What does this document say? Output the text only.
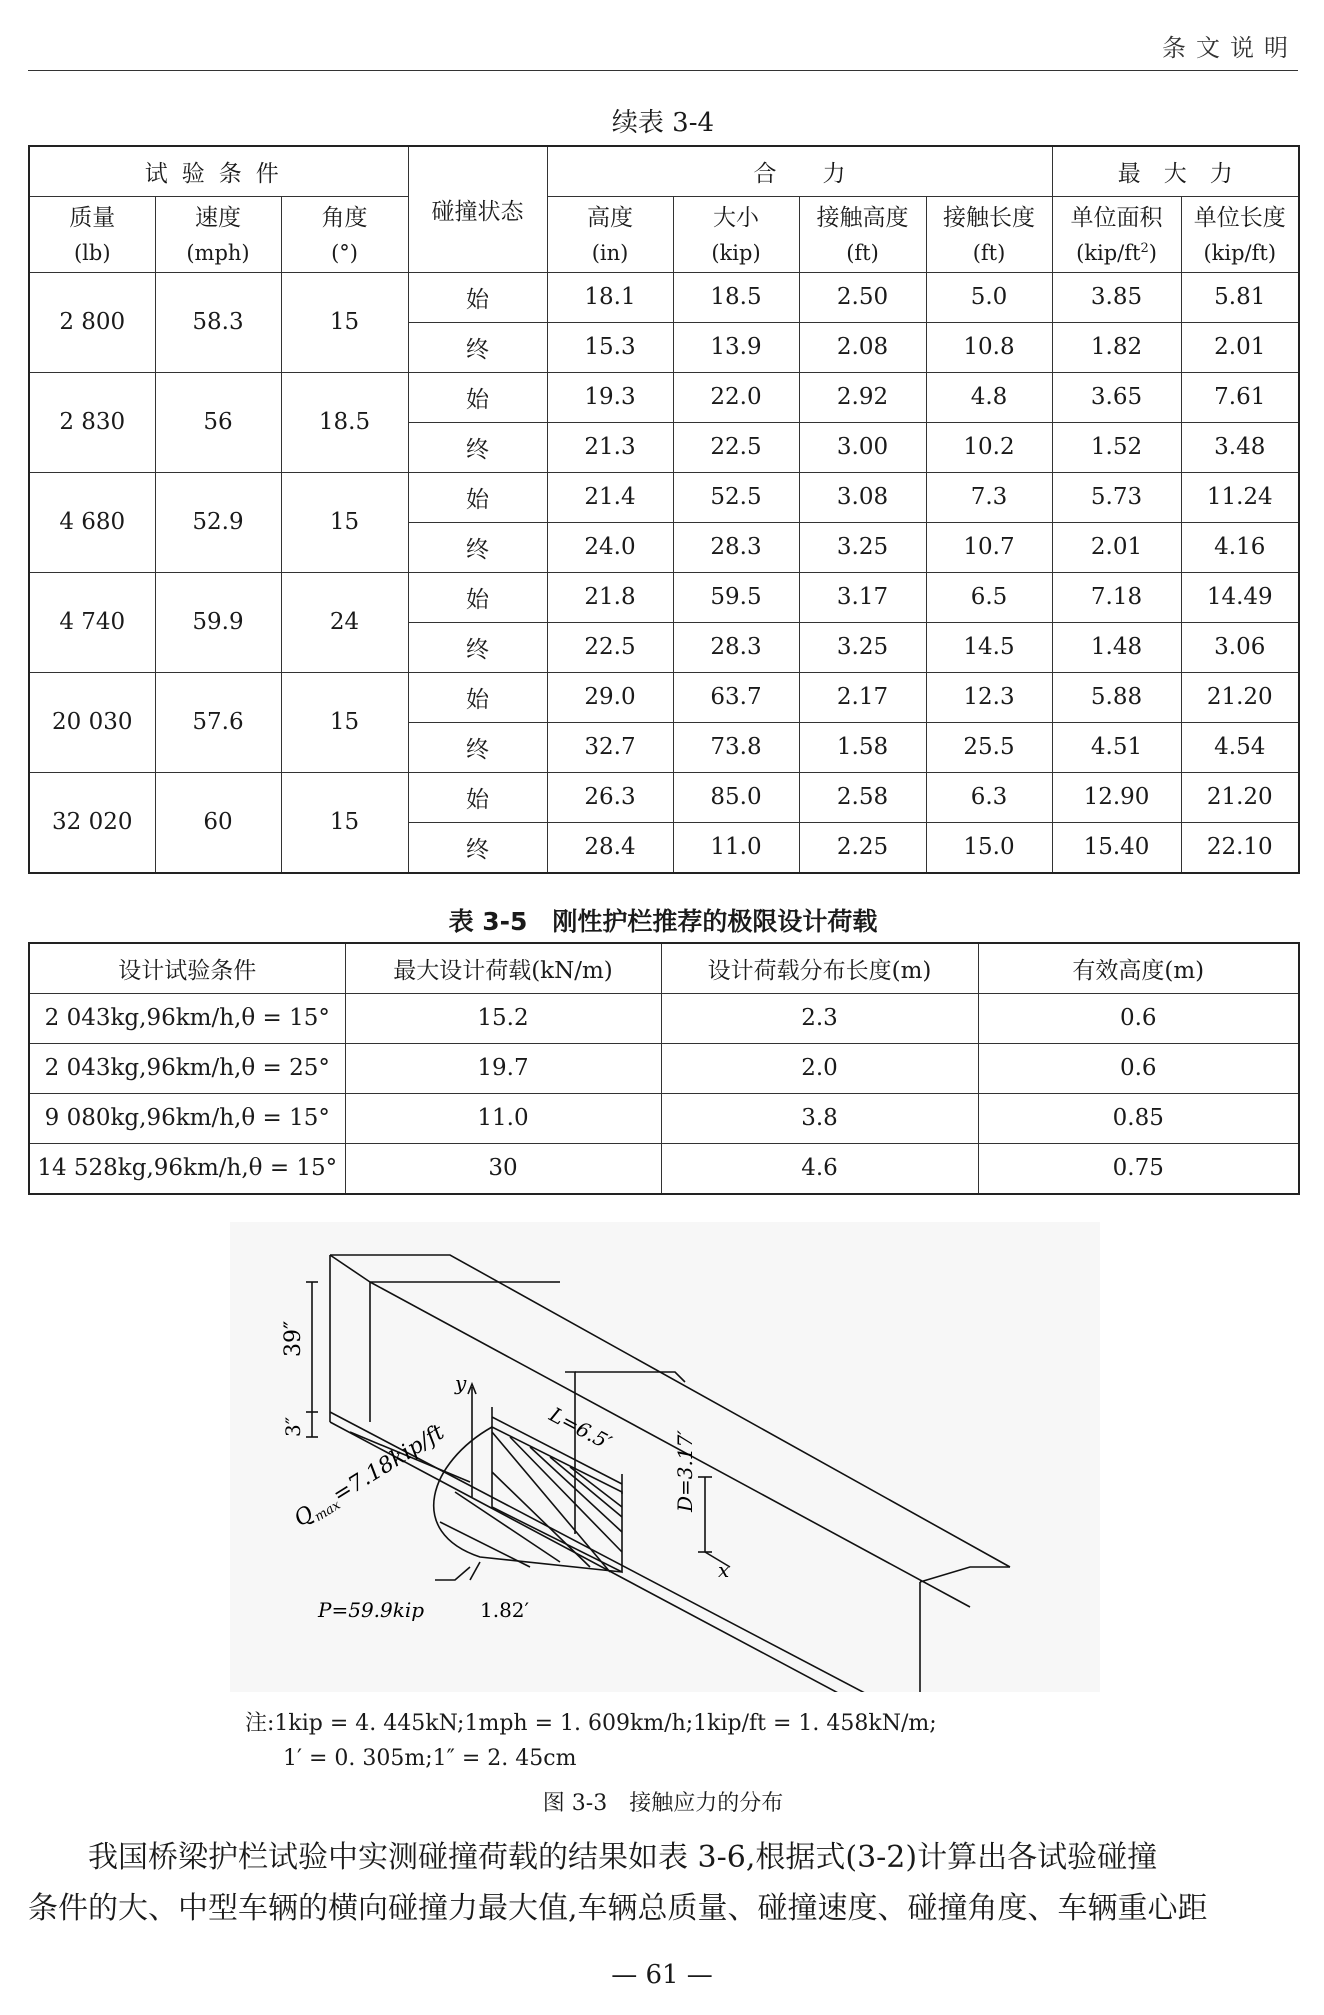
条文说明
续表 3-4
试验条件			碰撞状态	合　　力				最　大　力	
质量	速度	角度		高度	大小	接触高度	接触长度	单位面积	单位长度
(lb)	(mph)	(°)		(in)	(kip)	(ft)	(ft)	$(kip/ft^2)$	(kip/ft)
2 800	58.3	15	始	18.1	18.5	2.50	5.0	3.85	5.81
			终	15.3	13.9	2.08	10.8	1.82	2.01
2 830	56	18.5	始	19.3	22.0	2.92	4.8	3.65	7.61
			终	21.3	22.5	3.00	10.2	1.52	3.48
4 680	52.9	15	始	21.4	52.5	3.08	7.3	5.73	11.24
			终	24.0	28.3	3.25	10.7	2.01	4.16
4 740	59.9	24	始	21.8	59.5	3.17	6.5	7.18	14.49
			终	22.5	28.3	3.25	14.5	1.48	3.06
20 030	57.6	15	始	29.0	63.7	2.17	12.3	5.88	21.20
			终	32.7	73.8	1.58	25.5	4.51	4.54
32 020	60	15	始	26.3	85.0	2.58	6.3	12.90	21.20
			终	28.4	11.0	2.25	15.0	15.40	22.10
表 3-5　刚性护栏推荐的极限设计荷载
设计试验条件	最大设计荷载(kN/m)	设计荷载分布长度(m)	有效高度(m)
2 043kg,96km/h,θ = 15°	15.2	2.3	0.6
2 043kg,96km/h,θ = 25°	19.7	2.0	0.6
9 080kg,96km/h,θ = 15°	11.0	3.8	0.85
14 528kg,96km/h,θ = 15°	30	4.6	0.75
39″
3″
y
x
L=6.5′
D=3.17′
$Q_{max}=7.18kip/ft$
P=59.9kip	1.82′
注:1kip = 4. 445kN;1mph = 1. 609km/h;1kip/ft = 1. 458kN/m;
1′ = 0. 305m;1″ = 2. 45cm
图 3-3　接触应力的分布
我国桥梁护栏试验中实测碰撞荷载的结果如表 3-6,根据式(3-2)计算出各试验碰撞
条件的大、中型车辆的横向碰撞力最大值,车辆总质量、碰撞速度、碰撞角度、车辆重心距
— 61 —
